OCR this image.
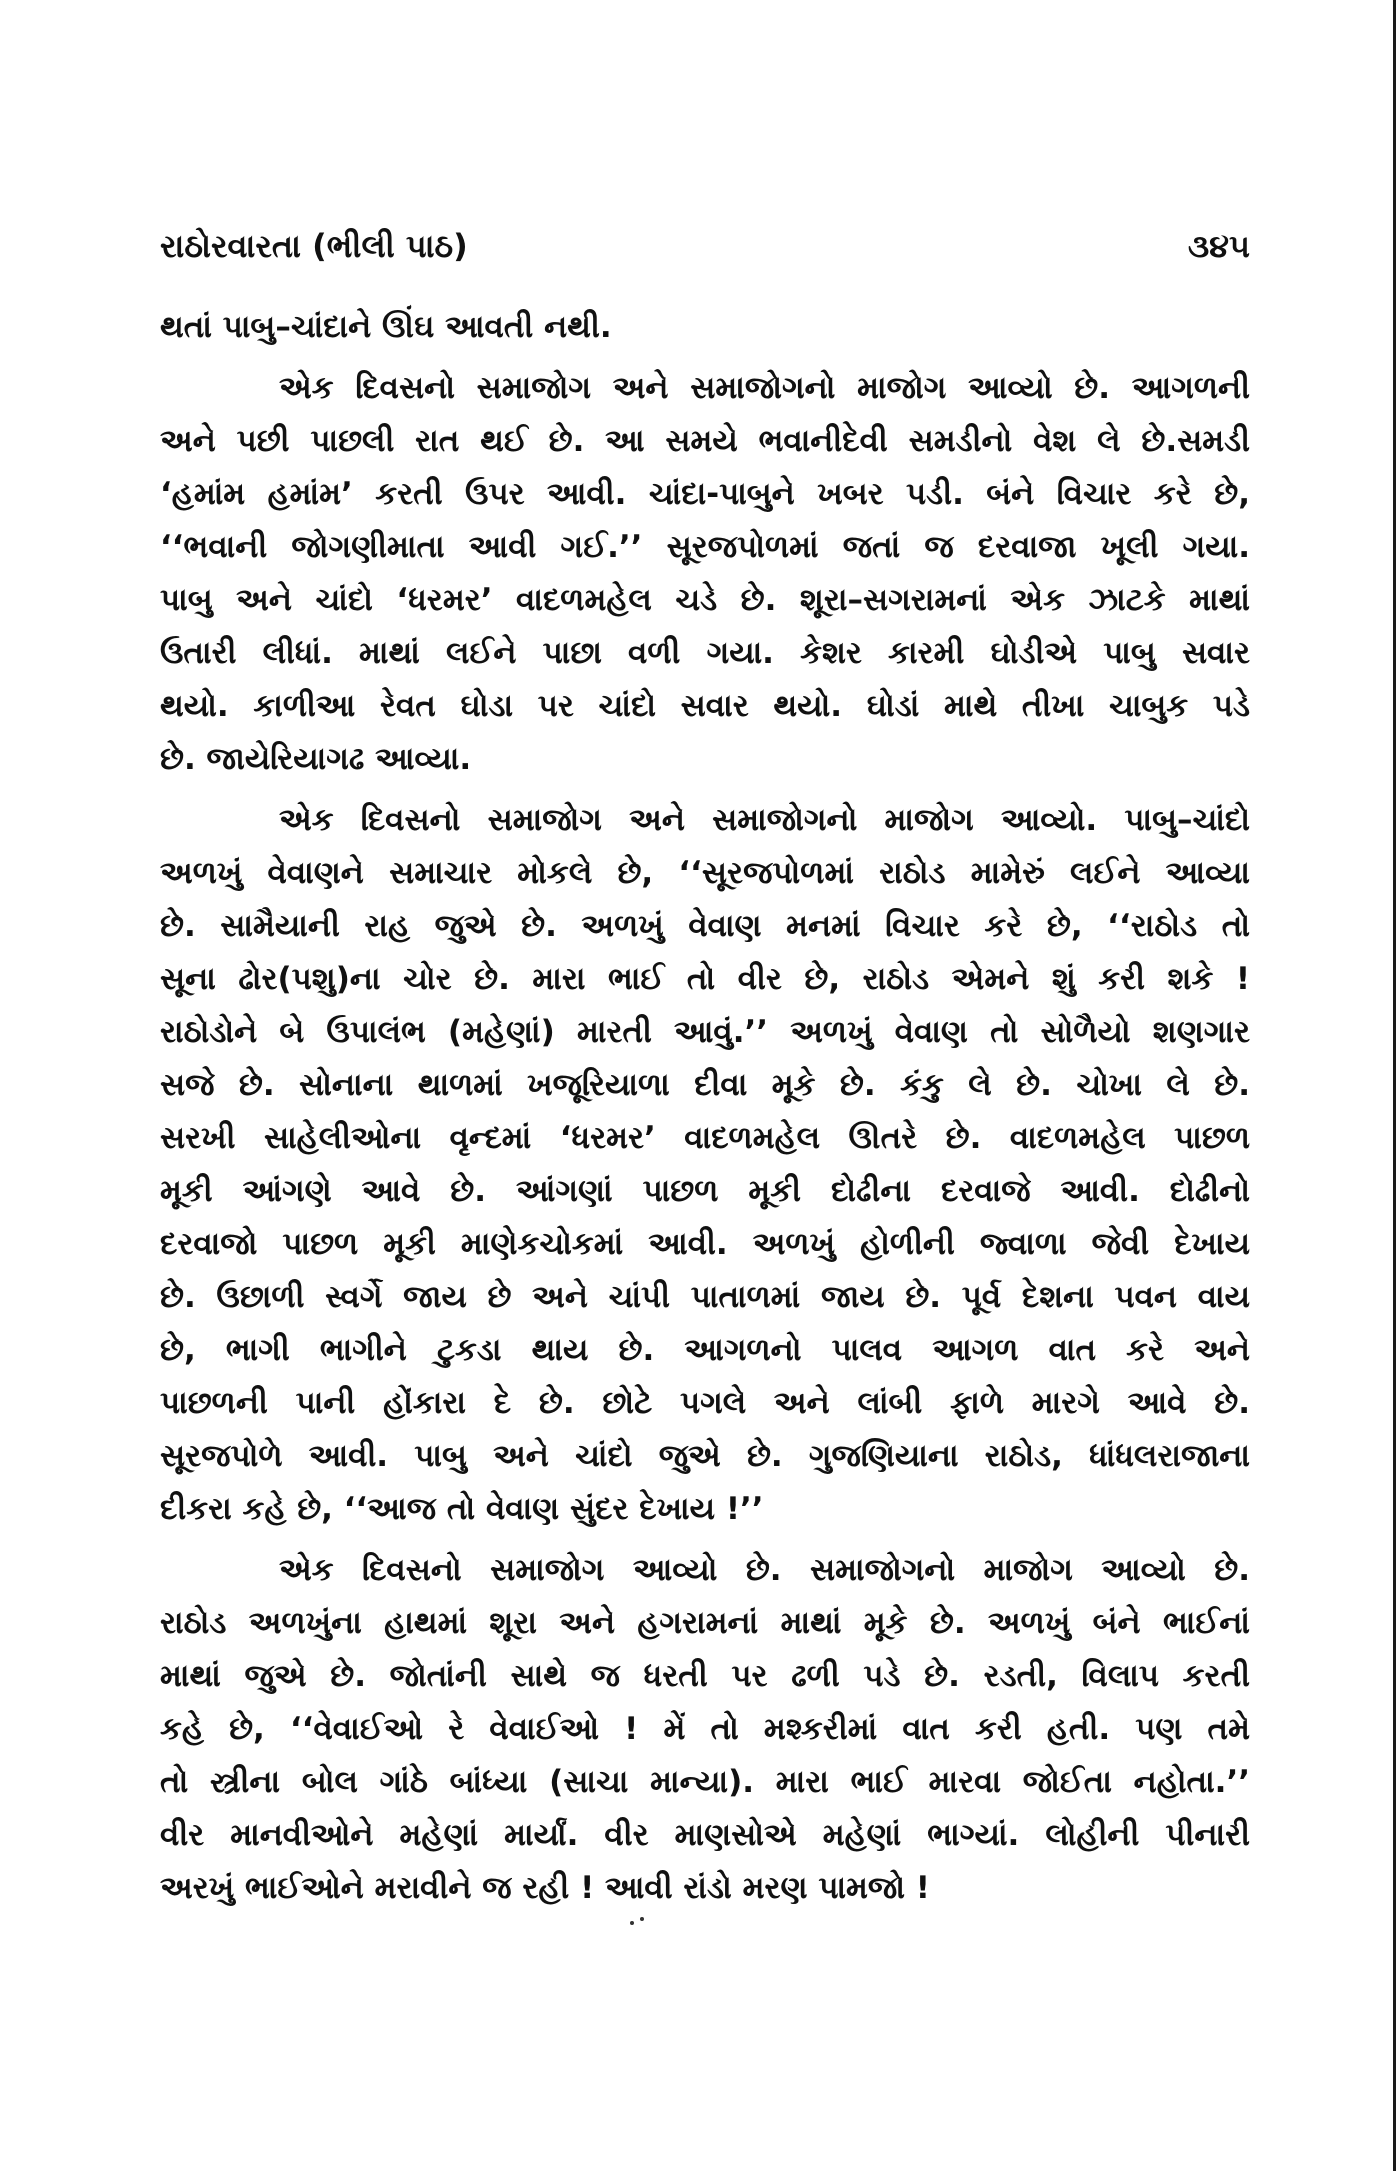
રાઠોરવારતા (ભીલી પાઠ)	૩૪૫
થતાં પાબુ–ચાંદાને ઊંઘ આવતી નથી.
એક દિવસનો સમાજોગ અને સમાજોગનો માજોગ આવ્યો છે. આગળની
અને પછી પાછલી રાત થઈ છે. આ સમયે ભવાનીદેવી સમડીનો વેશ લે છે.સમડી
‘હમાંમ હમાંમ’ કરતી ઉપર આવી. ચાંદા-પાબુને ખબર પડી. બંને વિચાર કરે છે,
‘‘ભવાની જોગણીમાતા આવી ગઈ.’’ સૂરજપોળમાં જતાં જ દરવાજા ખૂલી ગયા.
પાબુ અને ચાંદો ‘ધરમર’ વાદળમહેલ ચડે છે. શૂરા–સગરામનાં એક ઝાટકે માથાં
ઉતારી લીધાં. માથાં લઈને પાછા વળી ગયા. કેશર કારમી ઘોડીએ પાબુ સવાર
થયો. કાળીઆ રેવત ઘોડા પર ચાંદો સવાર થયો. ઘોડાં માથે તીખા ચાબુક પડે
છે. જાયેરિયાગઢ આવ્યા.
એક દિવસનો સમાજોગ અને સમાજોગનો માજોગ આવ્યો. પાબુ–ચાંદો
અળખું વેવાણને સમાચાર મોકલે છે, ‘‘સૂરજપોળમાં રાઠોડ મામેરું લઈને આવ્યા
છે. સામૈયાની રાહ જુએ છે. અળખું વેવાણ મનમાં વિચાર કરે છે, ‘‘રાઠોડ તો
સૂના ઢોર(પશુ)ના ચોર છે. મારા ભાઈ તો વીર છે, રાઠોડ એમને શું કરી શકે !
રાઠોડોને બે ઉપાલંભ (મહેણાં) મારતી આવું.’’ અળખું વેવાણ તો સોળૈયો શણગાર
સજે છે. સોનાના થાળમાં ખજૂરિયાળા દીવા મૂકે છે. કંકુ લે છે. ચોખા લે છે.
સરખી સાહેલીઓના વૃન્દમાં ‘ધરમર’ વાદળમહેલ ઊતરે છે. વાદળમહેલ પાછળ
મૂકી આંગણે આવે છે. આંગણાં પાછળ મૂકી દોઢીના દરવાજે આવી. દોઢીનો
દરવાજો પાછળ મૂકી માણેકચોકમાં આવી. અળખું હોળીની જ્વાળા જેવી દેખાય
છે. ઉછાળી સ્વર્ગે જાય છે અને ચાંપી પાતાળમાં જાય છે. પૂર્વ દેશના પવન વાય
છે, ભાગી ભાગીને ટુકડા થાય છે. આગળનો પાલવ આગળ વાત કરે અને
પાછળની પાની હોંકારા દે છે. છોટે પગલે અને લાંબી ફાળે મારગે આવે છે.
સૂરજપોળે આવી. પાબુ અને ચાંદો જુએ છે. ગુજણિયાના રાઠોડ, ધાંધલરાજાના
દીકરા કહે છે, ‘‘આજ તો વેવાણ સુંદર દેખાય !’’
એક દિવસનો સમાજોગ આવ્યો છે. સમાજોગનો માજોગ આવ્યો છે.
રાઠોડ અળખુંના હાથમાં શૂરા અને હગરામનાં માથાં મૂકે છે. અળખું બંને ભાઈનાં
માથાં જુએ છે. જોતાંની સાથે જ ધરતી પર ઢળી પડે છે. રડતી, વિલાપ કરતી
કહે છે, ‘‘વેવાઈઓ રે વેવાઈઓ ! મેં તો મશ્કરીમાં વાત કરી હતી. પણ તમે
તો સ્ત્રીના બોલ ગાંઠે બાંધ્યા (સાચા માન્યા). મારા ભાઈ મારવા જોઈતા નહોતા.’’
વીર માનવીઓને મહેણાં માર્યાં. વીર માણસોએ મહેણાં ભાગ્યાં. લોહીની પીનારી
અરખું ભાઈઓને મરાવીને જ રહી ! આવી રાંડો મરણ પામજો !
